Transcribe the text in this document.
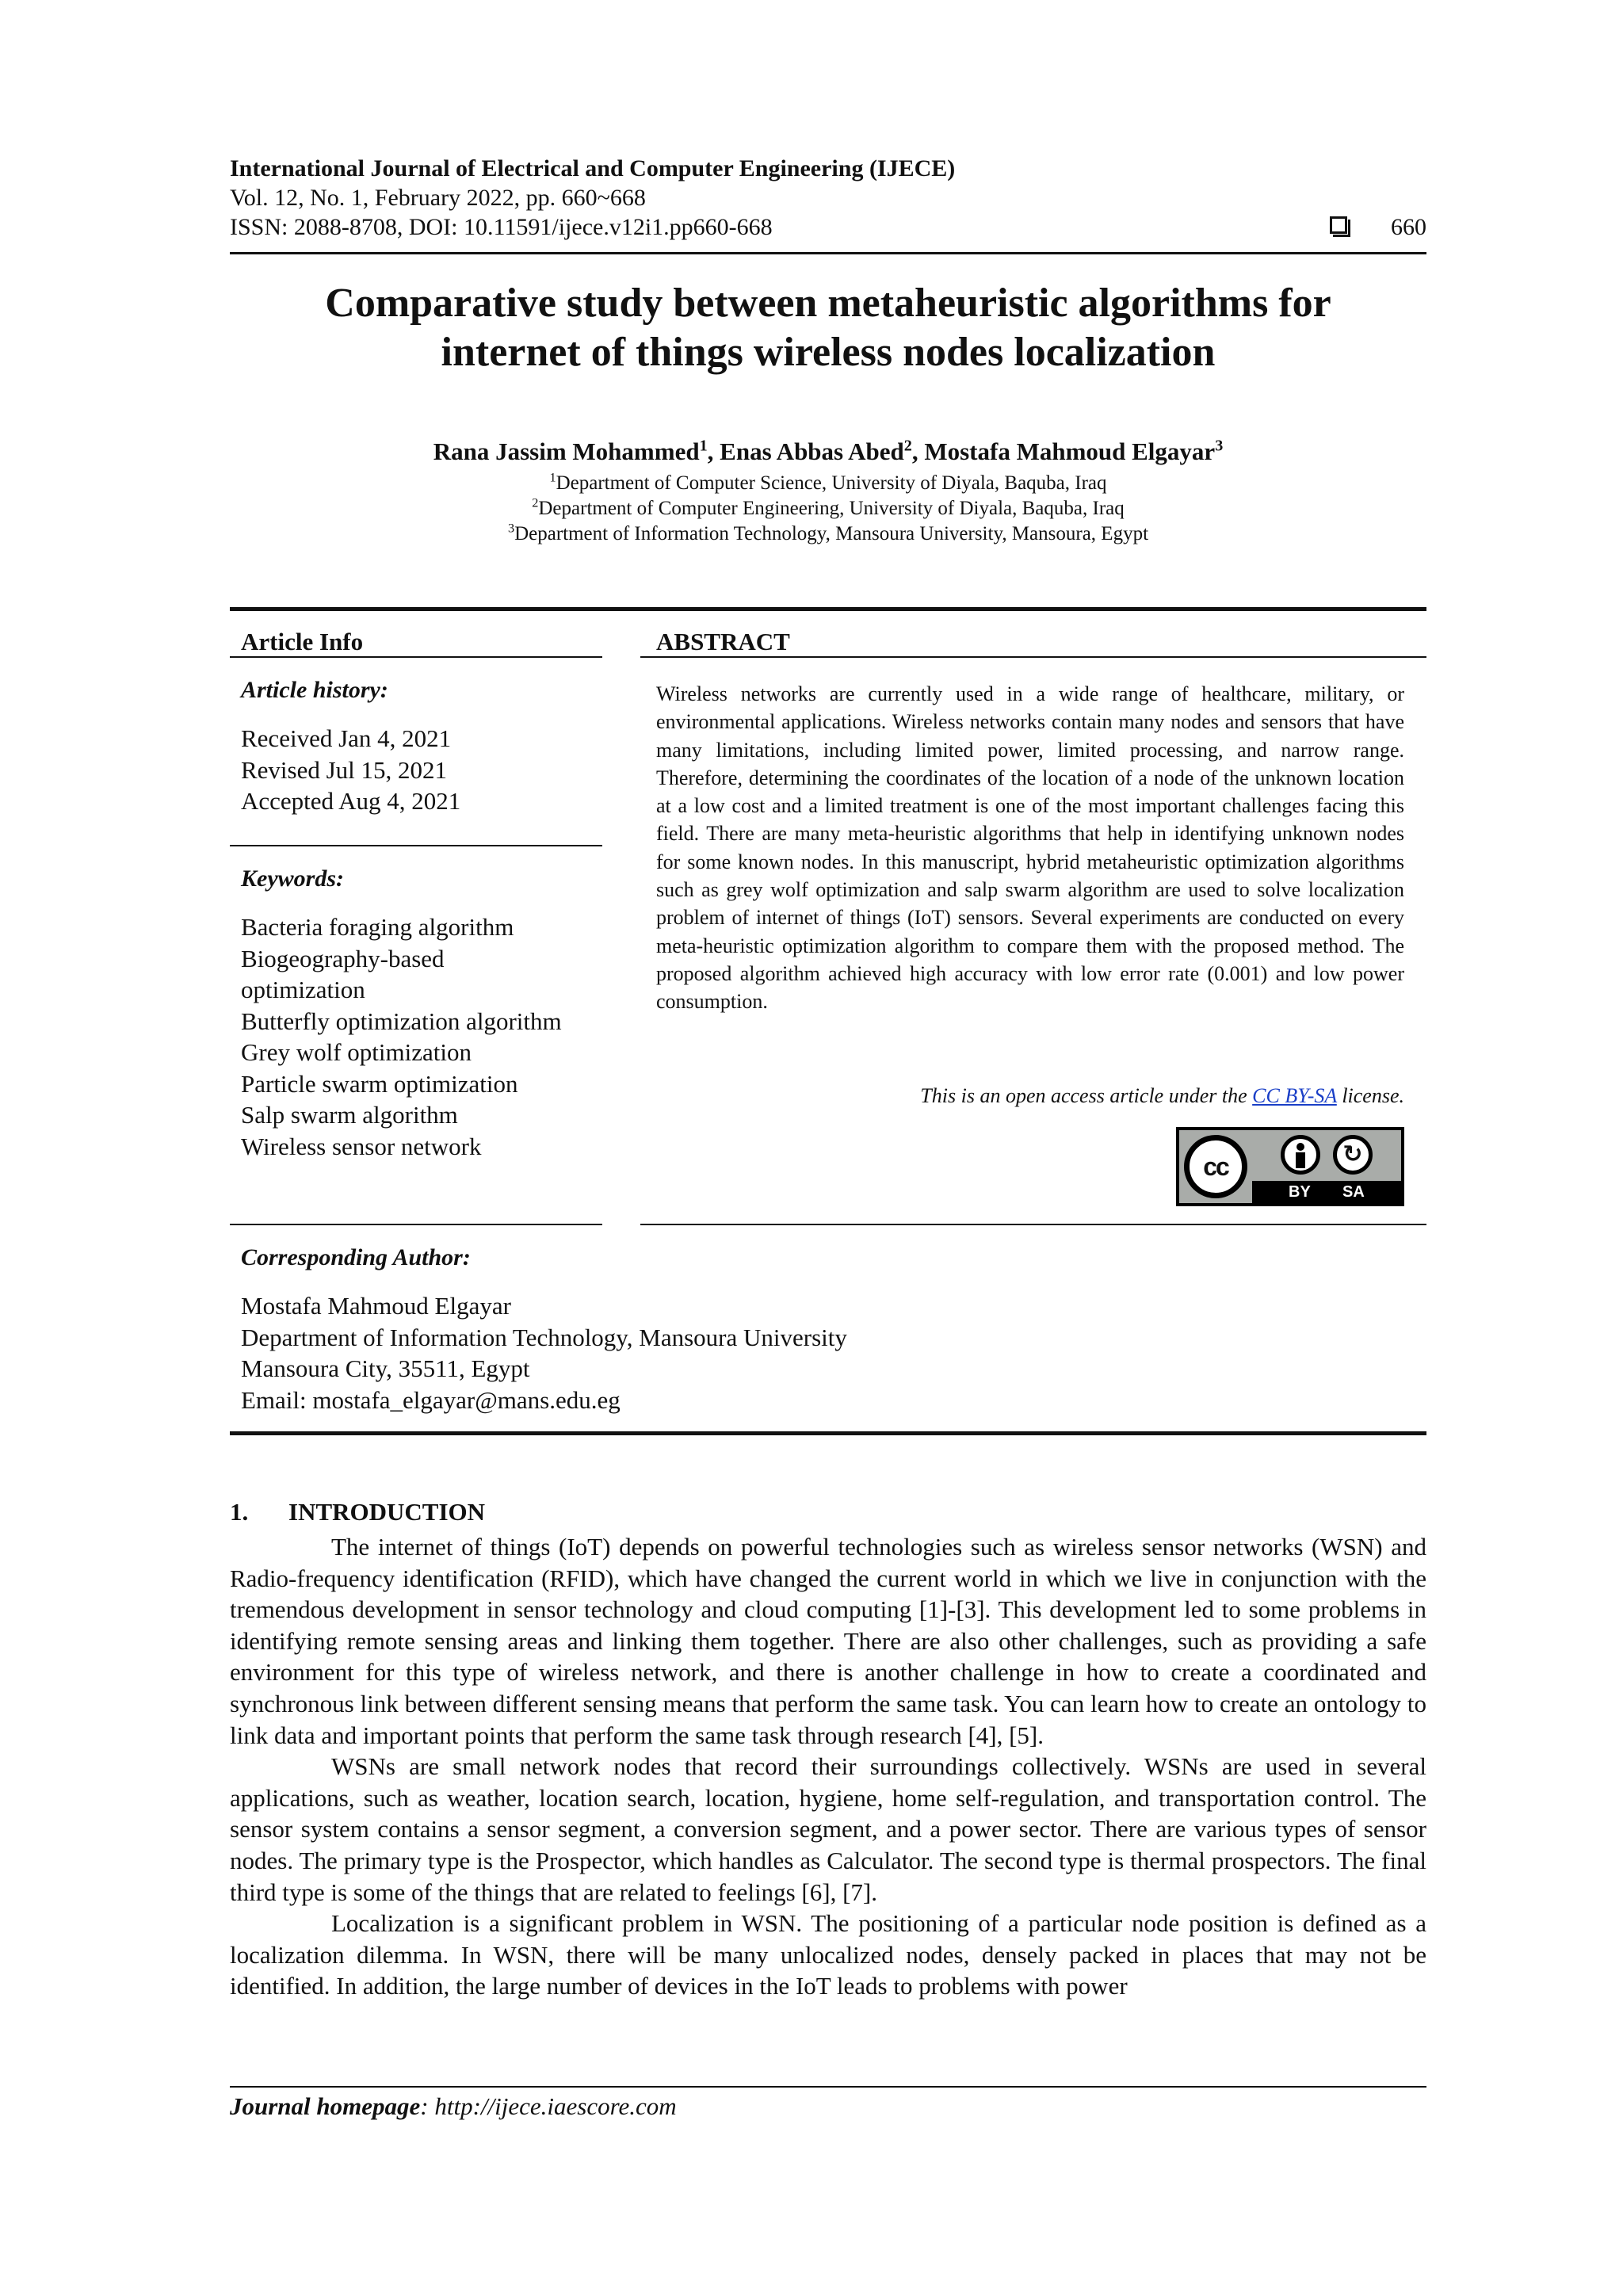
International Journal of Electrical and Computer Engineering (IJECE)
Vol. 12, No. 1, February 2022, pp. 660~668
ISSN: 2088-8708, DOI: 10.11591/ijece.v12i1.pp660-668	660
Comparative study between metaheuristic algorithms for
internet of things wireless nodes localization
Rana Jassim Mohammed$^1$, Enas Abbas Abed$^2$, Mostafa Mahmoud Elgayar$^3$
$^1$Department of Computer Science, University of Diyala, Baquba, Iraq
$^2$Department of Computer Engineering, University of Diyala, Baquba, Iraq
$^3$Department of Information Technology, Mansoura University, Mansoura, Egypt
Article Info
Article history:
Received Jan 4, 2021
Revised Jul 15, 2021
Accepted Aug 4, 2021
Keywords:
Bacteria foraging algorithm
Biogeography-based
optimization
Butterfly optimization algorithm
Grey wolf optimization
Particle swarm optimization
Salp swarm algorithm
Wireless sensor network
ABSTRACT
Wireless networks are currently used in a wide range of healthcare, military, or environmental applications. Wireless networks contain many nodes and sensors that have many limitations, including limited power, limited processing, and narrow range. Therefore, determining the coordinates of the location of a node of the unknown location at a low cost and a limited treatment is one of the most important challenges facing this field. There are many meta-heuristic algorithms that help in identifying unknown nodes for some known nodes. In this manuscript, hybrid metaheuristic optimization algorithms such as grey wolf optimization and salp swarm algorithm are used to solve localization problem of internet of things (IoT) sensors. Several experiments are conducted on every meta-heuristic optimization algorithm to compare them with the proposed method. The proposed algorithm achieved high accuracy with low error rate (0.001) and low power consumption.
This is an open access article under the CC BY-SA license.
cc	↻
BY SA
Corresponding Author:
Mostafa Mahmoud Elgayar
Department of Information Technology, Mansoura University
Mansoura City, 35511, Egypt
Email: mostafa_elgayar@mans.edu.eg
1. INTRODUCTION

The internet of things (IoT) depends on powerful technologies such as wireless sensor networks (WSN) and Radio-frequency identification (RFID), which have changed the current world in which we live in conjunction with the tremendous development in sensor technology and cloud computing [1]-[3]. This development led to some problems in identifying remote sensing areas and linking them together. There are also other challenges, such as providing a safe environment for this type of wireless network, and there is another challenge in how to create a coordinated and synchronous link between different sensing means that perform the same task. You can learn how to create an ontology to link data and important points that perform the same task through research [4], [5].

WSNs are small network nodes that record their surroundings collectively. WSNs are used in several applications, such as weather, location search, location, hygiene, home self-regulation, and transportation control. The sensor system contains a sensor segment, a conversion segment, and a power sector. There are various types of sensor nodes. The primary type is the Prospector, which handles as Calculator. The second type is thermal prospectors. The final third type is some of the things that are related to feelings [6], [7].

Localization is a significant problem in WSN. The positioning of a particular node position is defined as a localization dilemma. In WSN, there will be many unlocalized nodes, densely packed in places that may not be identified. In addition, the large number of devices in the IoT leads to problems with power

Journal homepage: http://ijece.iaescore.com
